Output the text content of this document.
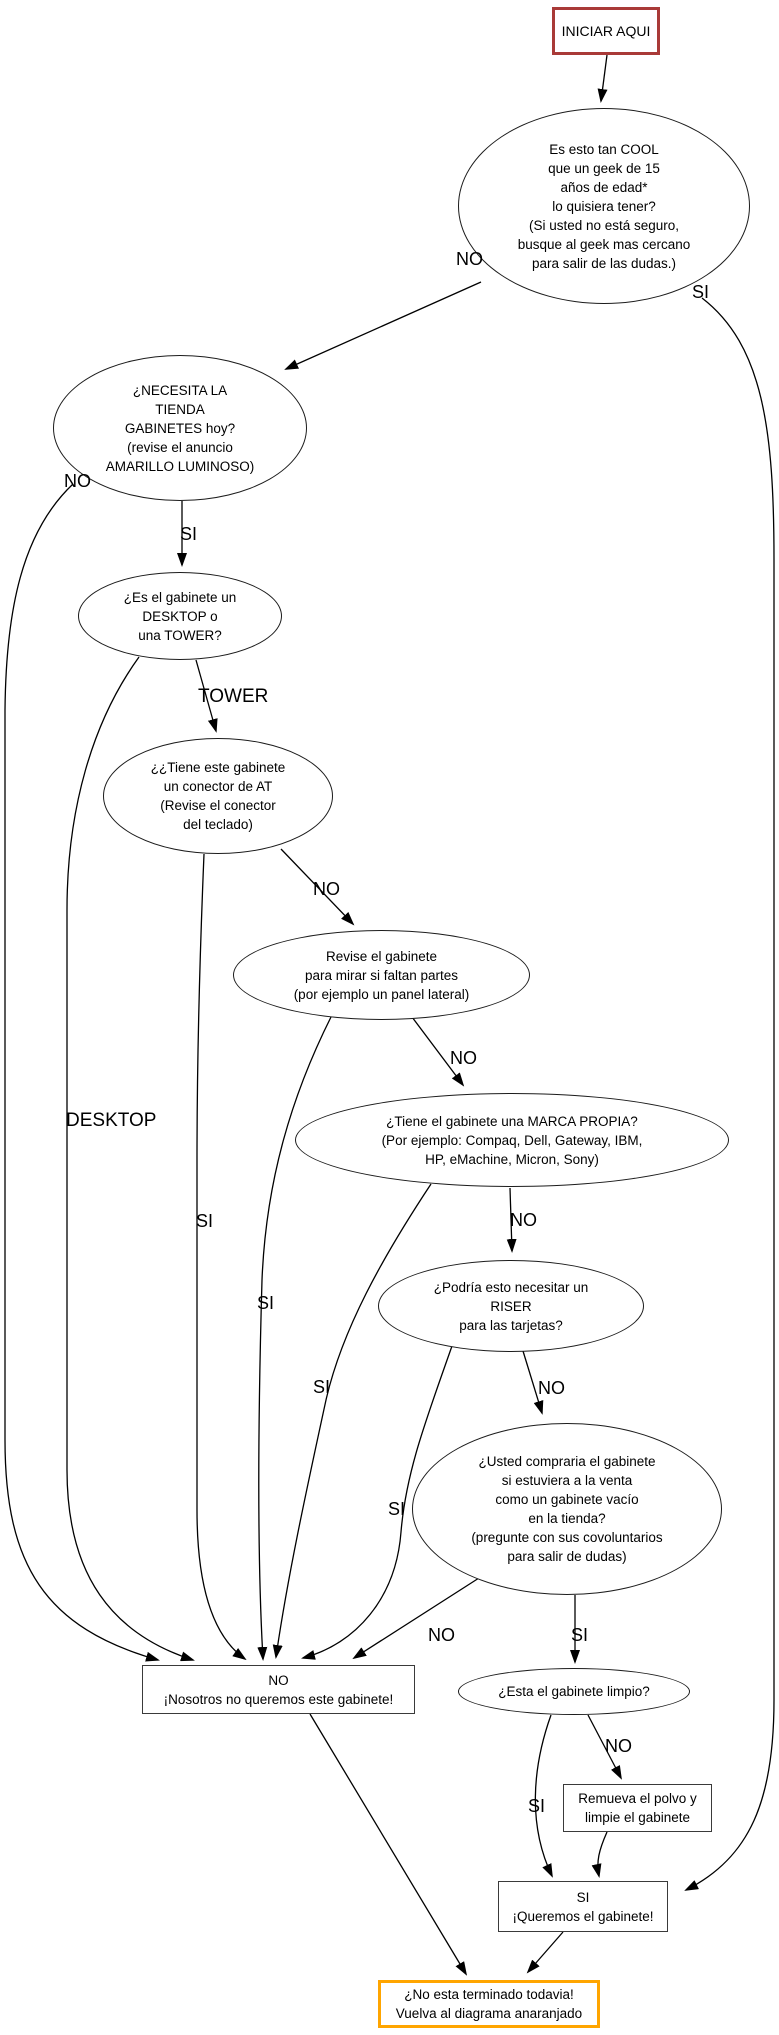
INICIAR AQUI
Es esto tan COOL
que un geek de 15
años de edad*
lo quisiera tener?
(Si usted no está seguro,
busque al geek mas cercano
para salir de las dudas.)
¿NECESITA LA
TIENDA
GABINETES hoy?
(revise el anuncio
AMARILLO LUMINOSO)
¿Es el gabinete un
DESKTOP o
una TOWER?
¿¿Tiene este gabinete
un conector de AT
(Revise el conector
del teclado)
Revise el gabinete
para mirar si faltan partes
(por ejemplo un panel lateral)
¿Tiene el gabinete una MARCA PROPIA?
(Por ejemplo: Compaq, Dell, Gateway, IBM,
HP, eMachine, Micron, Sony)
¿Podría esto necesitar un
RISER
para las tarjetas?
¿Usted compraria el gabinete
si estuviera a la venta
como un gabinete vacío
en la tienda?
(pregunte con sus covoluntarios
para salir de dudas)
¿Esta el gabinete limpio?
NO
¡Nosotros no queremos este gabinete!
Remueva el polvo y
limpie el gabinete
SI
¡Queremos el gabinete!
¿No esta terminado todavia!
Vuelva al diagrama anaranjado
NO
SI
NO
SI
TOWER
DESKTOP
NO
SI
NO
SI
NO
SI	NO
SI
NO	SI
NO
SI
